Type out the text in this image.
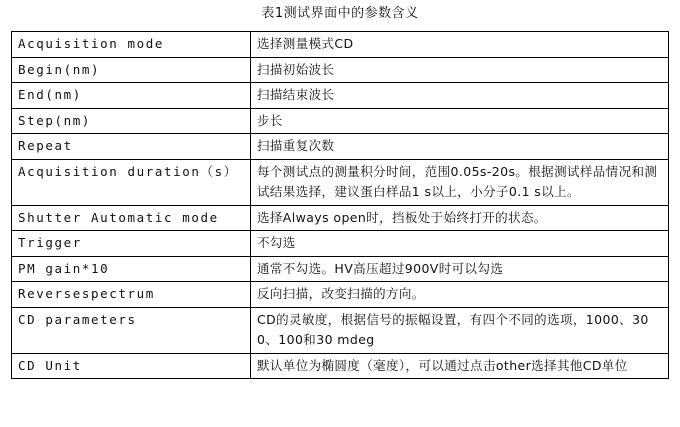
表1测试界面中的参数含义
Acquisition mode	选择测量模式CD
Begin(nm)	扫描初始波长
End(nm)	扫描结束波长
Step(nm)	步长
Repeat	扫描重复次数
Acquisition duration（s）	每个测试点的测量积分时间，范围0.05s-20s。根据测试样品情况和测试结果选择，建议蛋白样品1 s以上，小分子0.1 s以上。
Shutter Automatic mode	选择Always open时，挡板处于始终打开的状态。
Trigger	不勾选
PM gain*10	通常不勾选。HV高压超过900V时可以勾选
Reversespectrum	反向扫描，改变扫描的方向。
CD parameters	CD的灵敏度，根据信号的振幅设置，有四个不同的选项，1000、300、100和30 mdeg
CD Unit	默认单位为椭圆度（毫度），可以通过点击other选择其他CD单位
